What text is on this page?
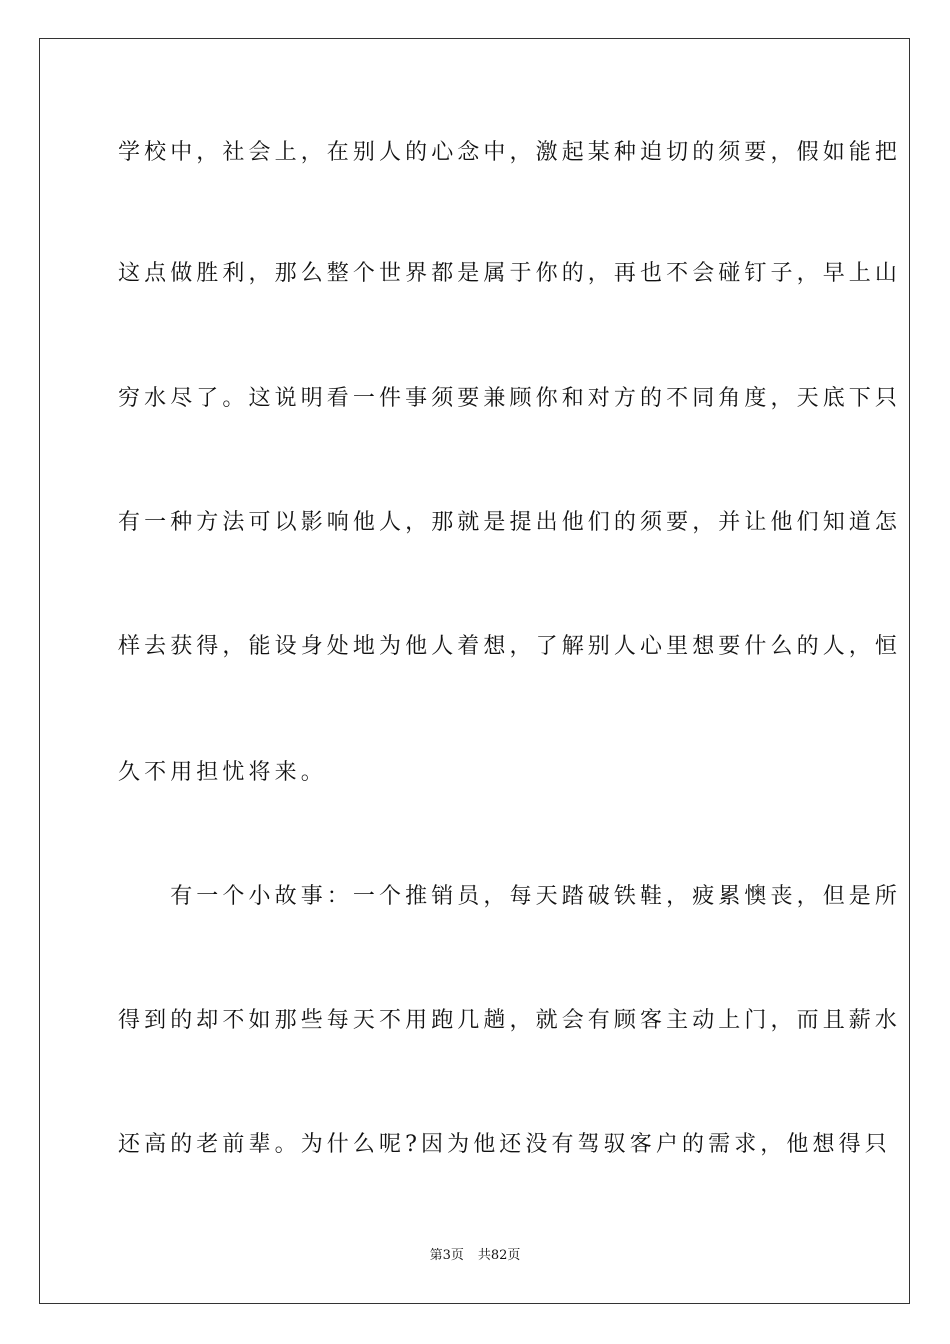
学校中，社会上，在别人的心念中，激起某种迫切的须要，假如能把
这点做胜利，那么整个世界都是属于你的，再也不会碰钉子，早上山
穷水尽了。这说明看一件事须要兼顾你和对方的不同角度，天底下只
有一种方法可以影响他人，那就是提出他们的须要，并让他们知道怎
样去获得，能设身处地为他人着想，了解别人心里想要什么的人，恒
久不用担忧将来。
　　有一个小故事：一个推销员，每天踏破铁鞋，疲累懊丧，但是所
得到的却不如那些每天不用跑几趟，就会有顾客主动上门，而且薪水
还高的老前辈。为什么呢?因为他还没有驾驭客户的需求，他想得只
第3页 共82页
